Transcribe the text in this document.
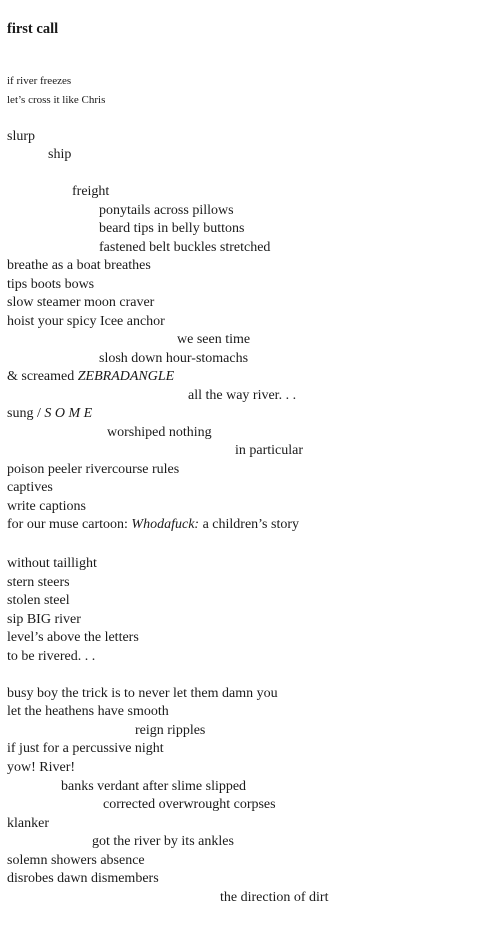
first call
if river freezes
let’s cross it like Chris
slurp
ship
freight
ponytails across pillows
beard tips in belly buttons
fastened belt buckles stretched
breathe as a boat breathes
tips boots bows
slow steamer moon craver
hoist your spicy Icee anchor
we seen time
slosh down hour-stomachs
& screamed ZEBRADANGLE
all the way river. . .
sung / S O M E
worshiped nothing
in particular
poison peeler rivercourse rules
captives
write captions
for our muse cartoon: Whodafuck: a children’s story
without taillight
stern steers
stolen steel
sip BIG river
level’s above the letters
to be rivered. . .
busy boy the trick is to never let them damn you
let the heathens have smooth
reign ripples
if just for a percussive night
yow! River!
banks verdant after slime slipped
corrected overwrought corpses
klanker
got the river by its ankles
solemn showers absence
disrobes dawn dismembers
the direction of dirt
